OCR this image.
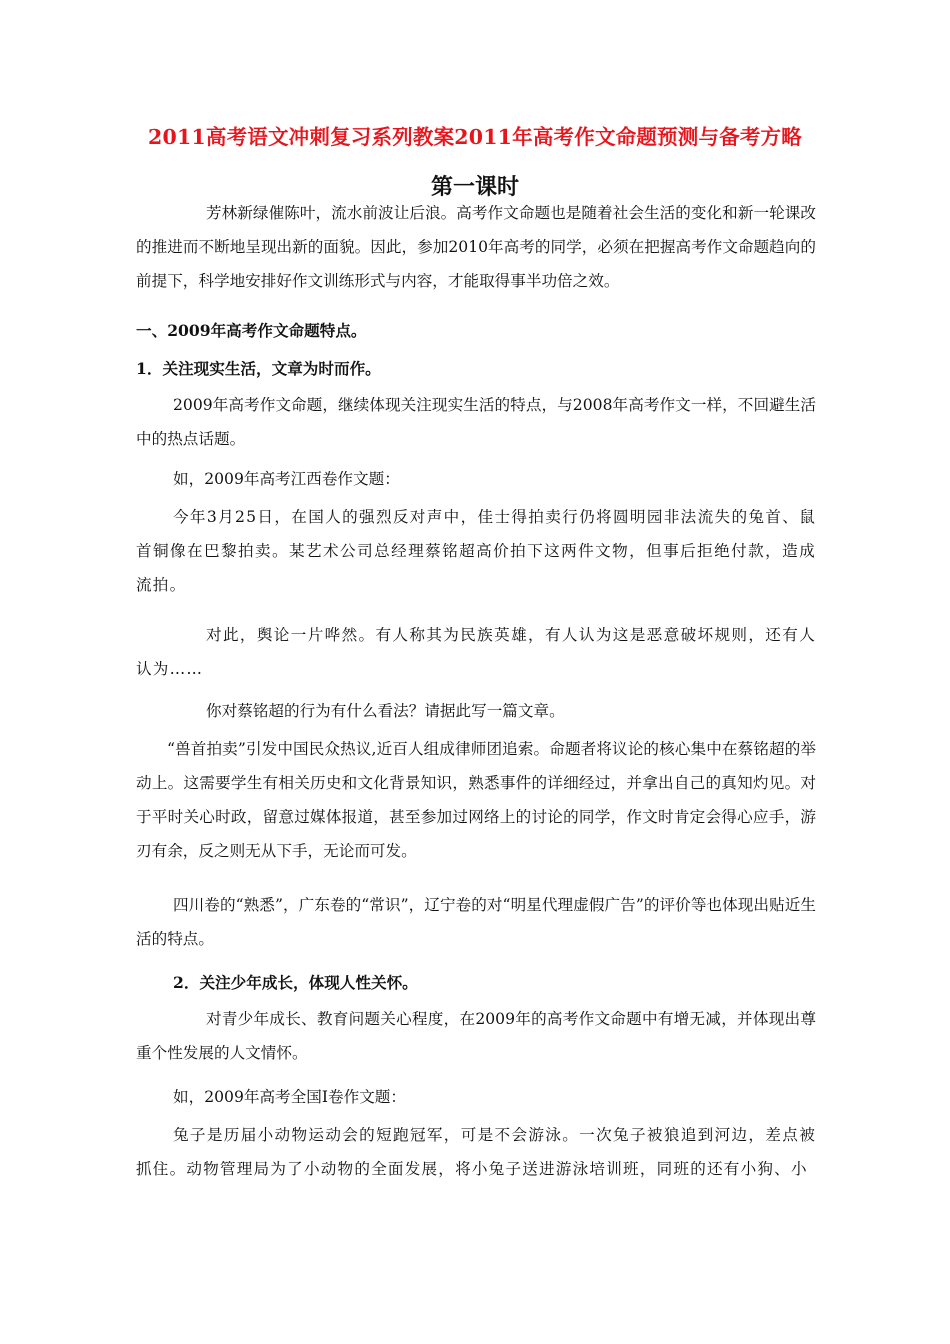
2011高考语文冲刺复习系列教案2011年高考作文命题预测与备考方略
第一课时
芳林新绿催陈叶，流水前波让后浪。高考作文命题也是随着社会生活的变化和新一轮课改的推进而不断地呈现出新的面貌。因此，参加2010年高考的同学，必须在把握高考作文命题趋向的前提下，科学地安排好作文训练形式与内容，才能取得事半功倍之效。
一、2009年高考作文命题特点。
1．关注现实生活，文章为时而作。
2009年高考作文命题，继续体现关注现实生活的特点，与2008年高考作文一样，不回避生活中的热点话题。
如，2009年高考江西卷作文题：
今年3月25日，在国人的强烈反对声中，佳士得拍卖行仍将圆明园非法流失的兔首、鼠首铜像在巴黎拍卖。某艺术公司总经理蔡铭超高价拍下这两件文物，但事后拒绝付款，造成流拍。
对此，舆论一片哗然。有人称其为民族英雄，有人认为这是恶意破坏规则，还有人认为……
你对蔡铭超的行为有什么看法？请据此写一篇文章。
“兽首拍卖”引发中国民众热议,近百人组成律师团追索。命题者将议论的核心集中在蔡铭超的举动上。这需要学生有相关历史和文化背景知识，熟悉事件的详细经过，并拿出自己的真知灼见。对于平时关心时政，留意过媒体报道，甚至参加过网络上的讨论的同学，作文时肯定会得心应手，游刃有余，反之则无从下手，无论而可发。
四川卷的“熟悉”，广东卷的“常识”，辽宁卷的对“明星代理虚假广告”的评价等也体现出贴近生活的特点。
2．关注少年成长，体现人性关怀。
对青少年成长、教育问题关心程度，在2009年的高考作文命题中有增无减，并体现出尊重个性发展的人文情怀。
如，2009年高考全国Ⅰ卷作文题：
兔子是历届小动物运动会的短跑冠军，可是不会游泳。一次兔子被狼追到河边，差点被抓住。动物管理局为了小动物的全面发展，将小兔子送进游泳培训班，同班的还有小狗、小
